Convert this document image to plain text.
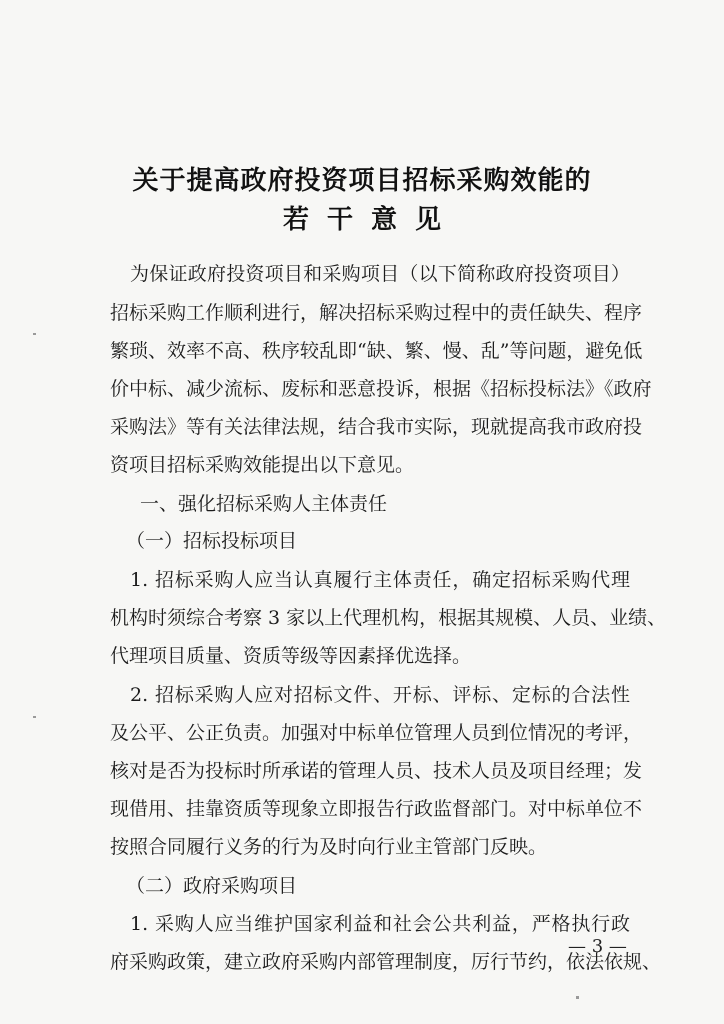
关于提高政府投资项目招标采购效能的
若干意见
为保证政府投资项目和采购项目（以下简称政府投资项目）
招标采购工作顺利进行，解决招标采购过程中的责任缺失、程序
繁琐、效率不高、秩序较乱即“缺、繁、慢、乱”等问题，避免低
价中标、减少流标、废标和恶意投诉，根据《招标投标法》《政府
采购法》等有关法律法规，结合我市实际，现就提高我市政府投
资项目招标采购效能提出以下意见。
一、强化招标采购人主体责任
（一）招标投标项目
1. 招标采购人应当认真履行主体责任，确定招标采购代理
机构时须综合考察 3 家以上代理机构，根据其规模、人员、业绩、
代理项目质量、资质等级等因素择优选择。
2. 招标采购人应对招标文件、开标、评标、定标的合法性
及公平、公正负责。加强对中标单位管理人员到位情况的考评，
核对是否为投标时所承诺的管理人员、技术人员及项目经理；发
现借用、挂靠资质等现象立即报告行政监督部门。对中标单位不
按照合同履行义务的行为及时向行业主管部门反映。
（二）政府采购项目
1. 采购人应当维护国家利益和社会公共利益，严格执行政
府采购政策，建立政府采购内部管理制度，厉行节约，依法依规、
— 3 —
